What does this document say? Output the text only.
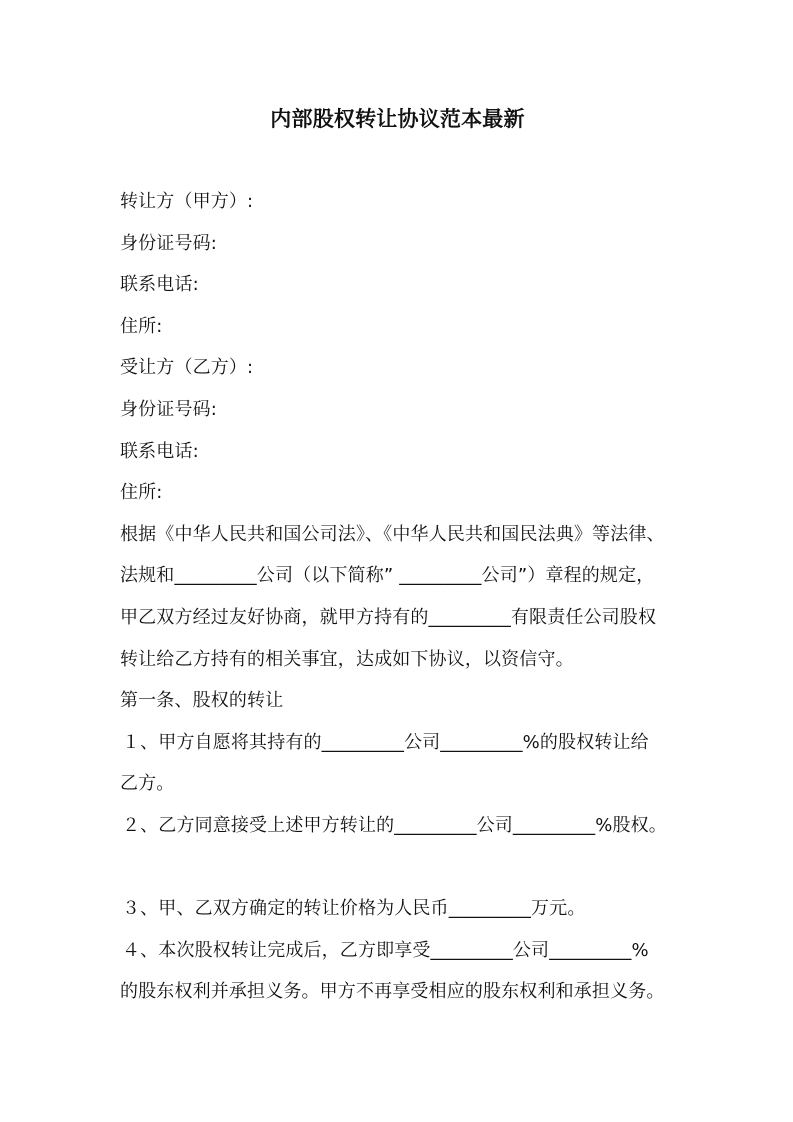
内部股权转让协议范本最新
转让方（甲方）:
身份证号码:
联系电话:
住所:
受让方（乙方）:
身份证号码:
联系电话:
住所:
根据《中华人民共和国公司法》、《中华人民共和国民法典》等法律、
法规和_________公司（以下简称” _________公司”）章程的规定，
甲乙双方经过友好协商，就甲方持有的_________有限责任公司股权
转让给乙方持有的相关事宜，达成如下协议，以资信守。
第一条、股权的转让
１、甲方自愿将其持有的_________公司_________%的股权转让给
乙方。
２、乙方同意接受上述甲方转让的_________公司_________%股权。
３、甲、乙双方确定的转让价格为人民币_________万元。
４、本次股权转让完成后，乙方即享受_________公司_________%
的股东权利并承担义务。甲方不再享受相应的股东权利和承担义务。
